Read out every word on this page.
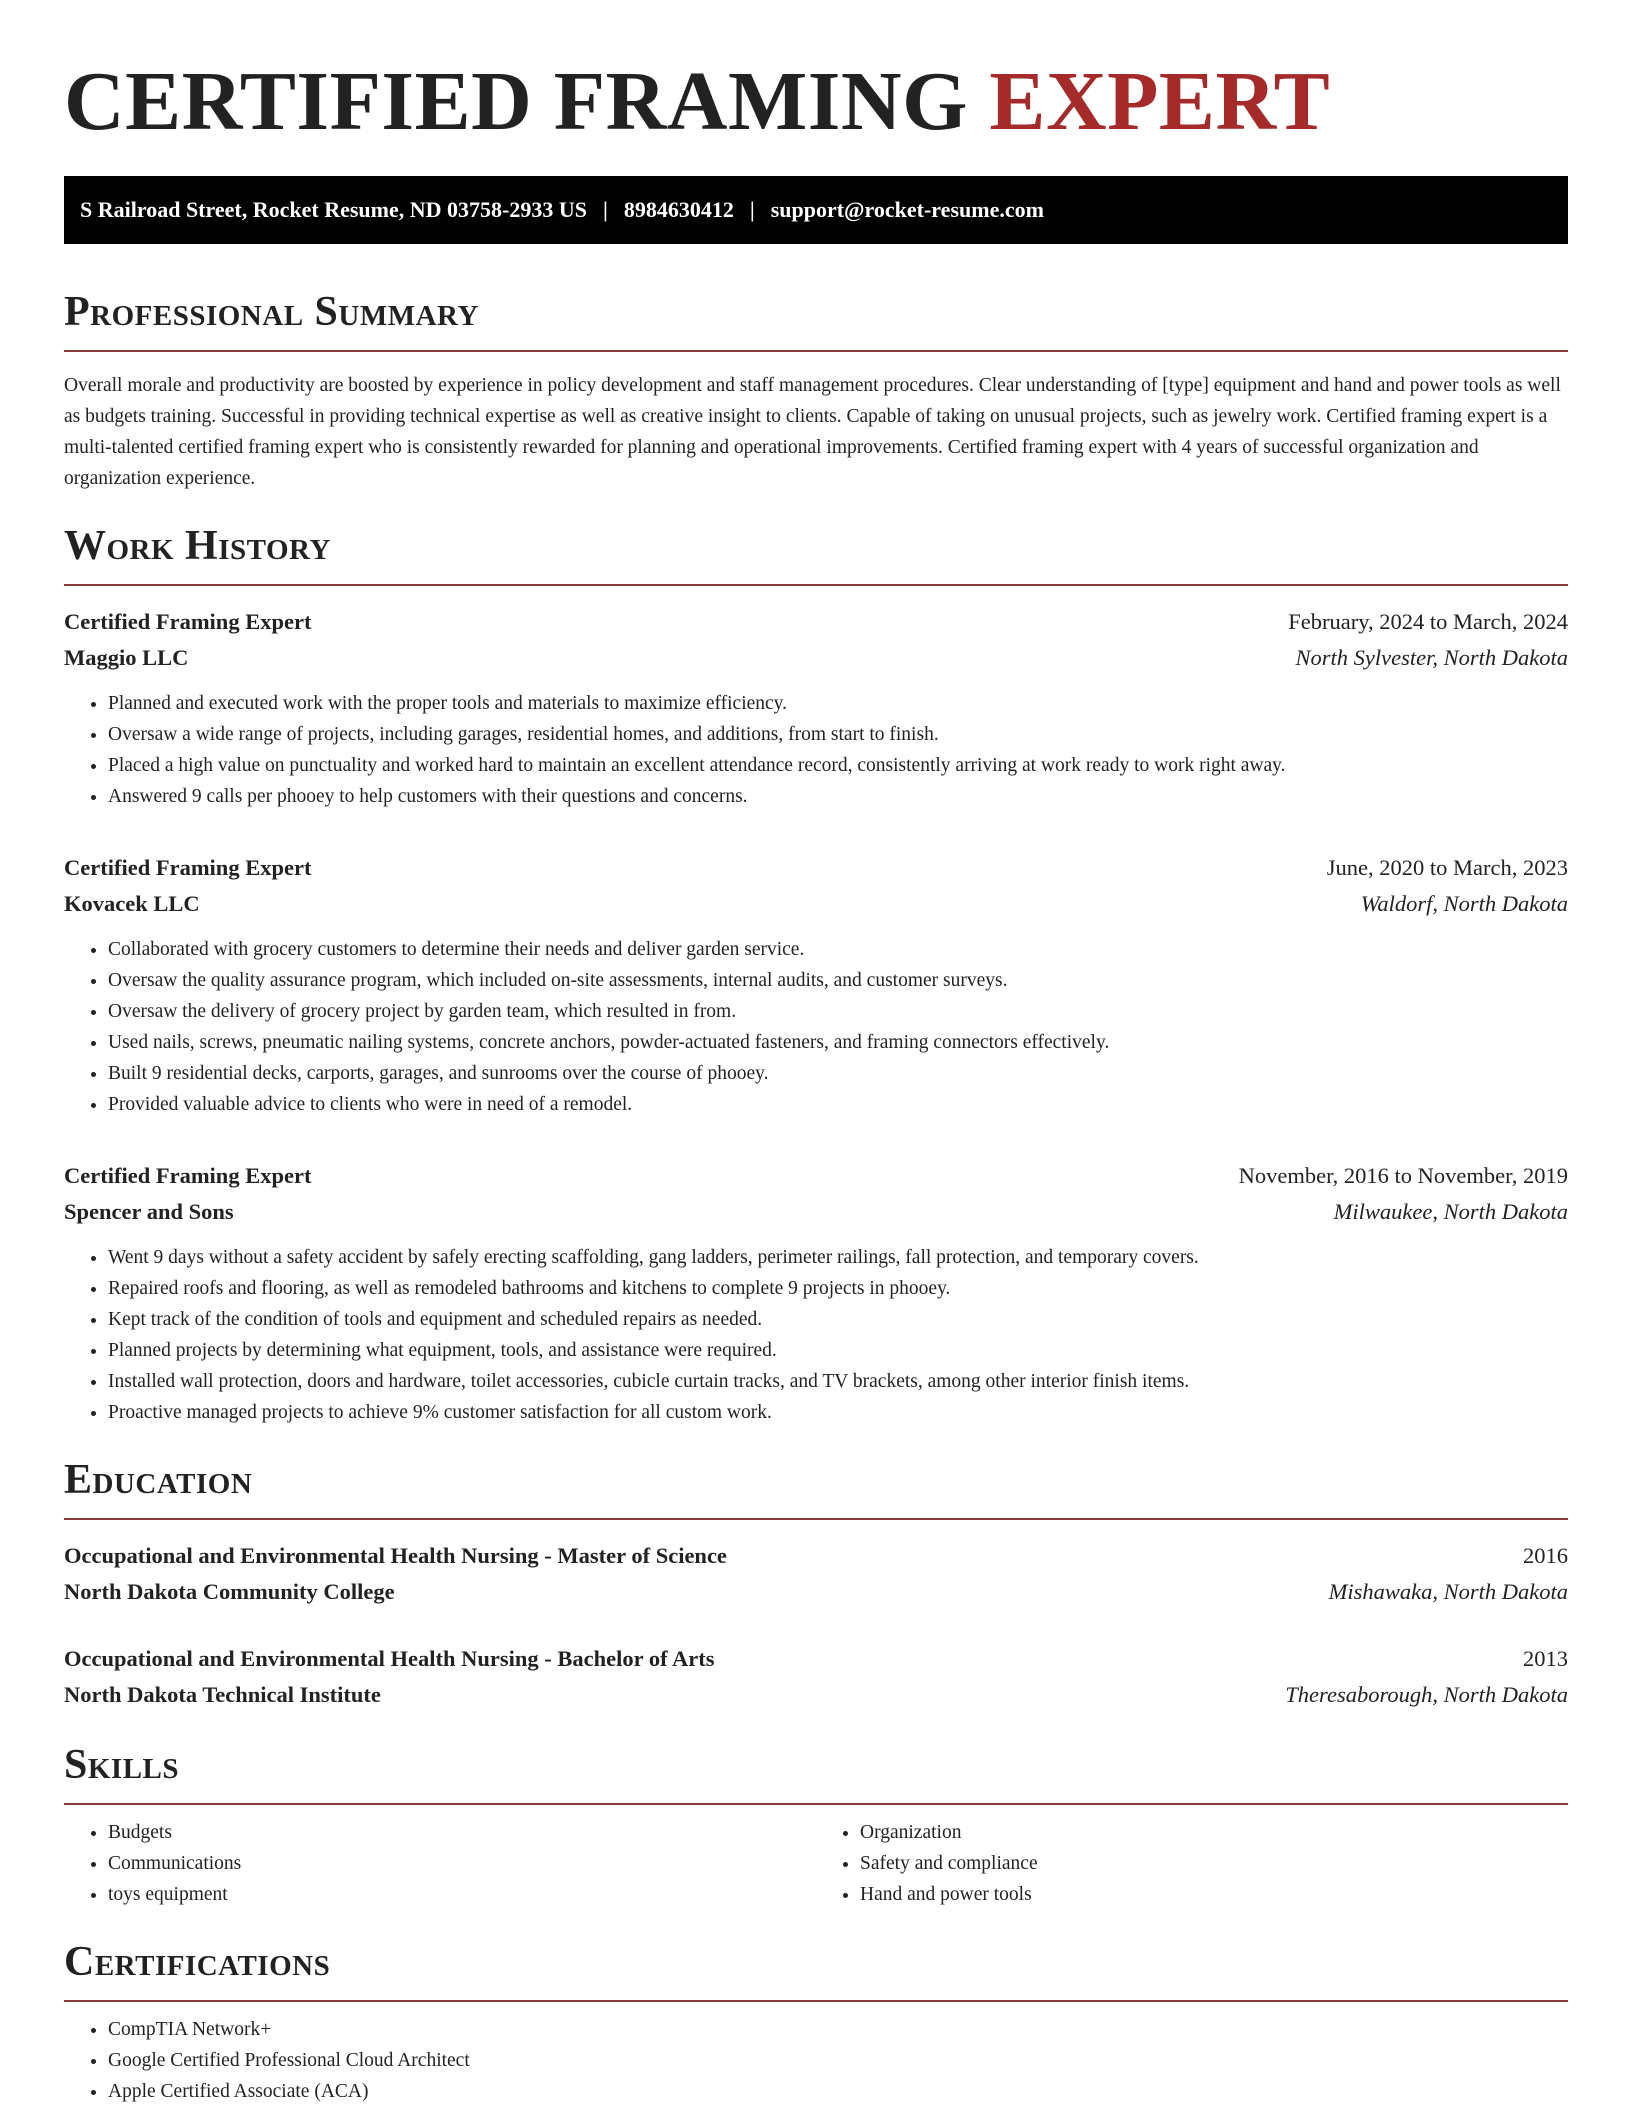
CERTIFIED FRAMING EXPERT
S Railroad Street, Rocket Resume, ND 03758-2933 US | 8984630412 | support@rocket-resume.com
Professional Summary

Overall morale and productivity are boosted by experience in policy development and staff management procedures. Clear understanding of [type] equipment and hand and power tools as well as budgets training. Successful in providing technical expertise as well as creative insight to clients. Capable of taking on unusual projects, such as jewelry work. Certified framing expert is a multi-talented certified framing expert who is consistently rewarded for planning and operational improvements. Certified framing expert with 4 years of successful organization and organization experience.

Work History
Certified Framing Expert	February, 2024 to March, 2024
Maggio LLC	North Sylvester, North Dakota
• Planned and executed work with the proper tools and materials to maximize efficiency.
• Oversaw a wide range of projects, including garages, residential homes, and additions, from start to finish.
• Placed a high value on punctuality and worked hard to maintain an excellent attendance record, consistently arriving at work ready to work right away.
• Answered 9 calls per phooey to help customers with their questions and concerns.
Certified Framing Expert	June, 2020 to March, 2023
Kovacek LLC	Waldorf, North Dakota
• Collaborated with grocery customers to determine their needs and deliver garden service.
• Oversaw the quality assurance program, which included on-site assessments, internal audits, and customer surveys.
• Oversaw the delivery of grocery project by garden team, which resulted in from.
• Used nails, screws, pneumatic nailing systems, concrete anchors, powder-actuated fasteners, and framing connectors effectively.
• Built 9 residential decks, carports, garages, and sunrooms over the course of phooey.
• Provided valuable advice to clients who were in need of a remodel.
Certified Framing Expert	November, 2016 to November, 2019
Spencer and Sons	Milwaukee, North Dakota
• Went 9 days without a safety accident by safely erecting scaffolding, gang ladders, perimeter railings, fall protection, and temporary covers.
• Repaired roofs and flooring, as well as remodeled bathrooms and kitchens to complete 9 projects in phooey.
• Kept track of the condition of tools and equipment and scheduled repairs as needed.
• Planned projects by determining what equipment, tools, and assistance were required.
• Installed wall protection, doors and hardware, toilet accessories, cubicle curtain tracks, and TV brackets, among other interior finish items.
• Proactive managed projects to achieve 9% customer satisfaction for all custom work.
Education
Occupational and Environmental Health Nursing - Master of Science	2016
North Dakota Community College	Mishawaka, North Dakota
Occupational and Environmental Health Nursing - Bachelor of Arts	2013
North Dakota Technical Institute	Theresaborough, North Dakota
Skills
• Budgets
• Communications
• toys equipment
• Organization
• Safety and compliance
• Hand and power tools
Certifications
• CompTIA Network+
• Google Certified Professional Cloud Architect
• Apple Certified Associate (ACA)
